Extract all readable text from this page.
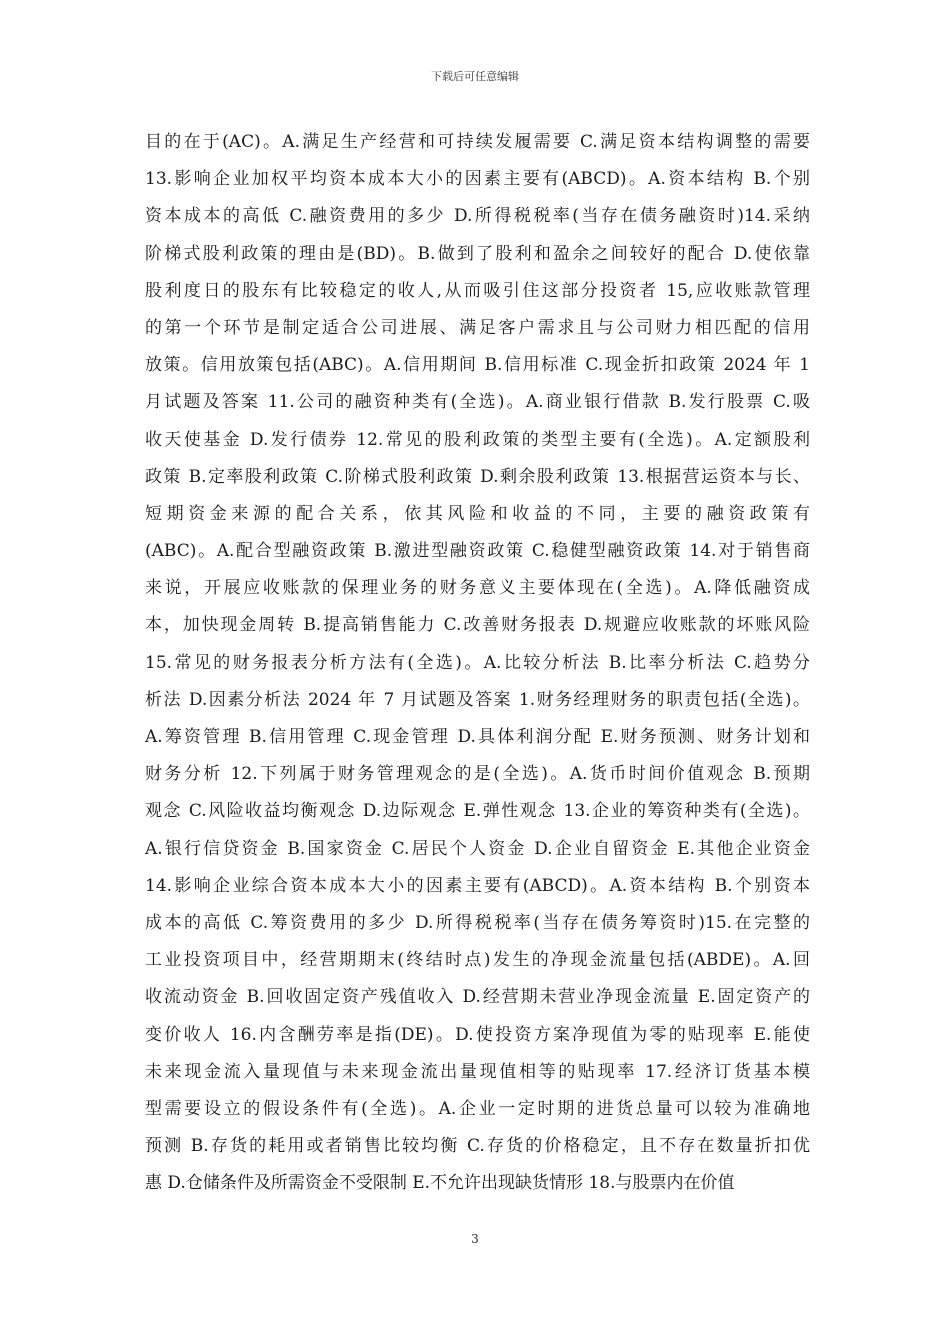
下载后可任意编辑
目的在于(AC)。A.满足生产经营和可持续发履需要 C.满足资本结构调整的需要
13.影响企业加权平均资本成本大小的因素主要有(ABCD)。A.资本结构 B.个别
资本成本的高低 C.融资费用的多少 D.所得税税率(当存在债务融资时)14.采纳
阶梯式股利政策的理由是(BD)。B.做到了股利和盈余之间较好的配合 D.使依靠
股利度日的股东有比较稳定的收人,从而吸引住这部分投资者 15,应收账款管理
的第一个环节是制定适合公司进展、满足客户需求且与公司财力相匹配的信用
放策。信用放策包括(ABC)。A.信用期间 B.信用标准 C.现金折扣政策 2024 年 1
月试题及答案 11.公司的融资种类有(全选)。A.商业银行借款 B.发行股票 C.吸
收天使基金 D.发行债券 12.常见的股利政策的类型主要有(全选)。A.定额股利
政策 B.定率股利政策 C.阶梯式股利政策 D.剩余股利政策 13.根据营运资本与长、
短期资金来源的配合关系，依其风险和收益的不同，主要的融资政策有
(ABC)。A.配合型融资政策 B.激进型融资政策 C.稳健型融资政策 14.对于销售商
来说，开展应收账款的保理业务的财务意义主要体现在(全选)。A.降低融资成
本，加快现金周转 B.提高销售能力 C.改善财务报表 D.规避应收账款的坏账风险
15.常见的财务报表分析方法有(全选)。A.比较分析法 B.比率分析法 C.趋势分
析法 D.因素分析法 2024 年 7 月试题及答案 1.财务经理财务的职责包括(全选)。
A.筹资管理 B.信用管理 C.现金管理 D.具体利润分配 E.财务预测、财务计划和
财务分析 12.下列属于财务管理观念的是(全选)。A.货币时间价值观念 B.预期
观念 C.风险收益均衡观念 D.边际观念 E.弹性观念 13.企业的筹资种类有(全选)。
A.银行信贷资金 B.国家资金 C.居民个人资金 D.企业自留资金 E.其他企业资金
14.影响企业综合资本成本大小的因素主要有(ABCD)。A.资本结构 B.个别资本
成本的高低 C.筹资费用的多少 D.所得税税率(当存在债务筹资时)15.在完整的
工业投资项目中，经营期期末(终结时点)发生的净现金流量包括(ABDE)。A.回
收流动资金 B.回收固定资产残值收入 D.经营期未营业净现金流量 E.固定资产的
变价收人 16.内含酬劳率是指(DE)。D.使投资方案净现值为零的贴现率 E.能使
未来现金流入量现值与未来现金流出量现值相等的贴现率 17.经济订货基本模
型需要设立的假设条件有(全选)。A.企业一定时期的进货总量可以较为准确地
预测 B.存货的耗用或者销售比较均衡 C.存货的价格稳定，且不存在数量折扣优
惠 D.仓储条件及所需资金不受限制 E.不允许出现缺货情形 18.与股票内在价值
3
